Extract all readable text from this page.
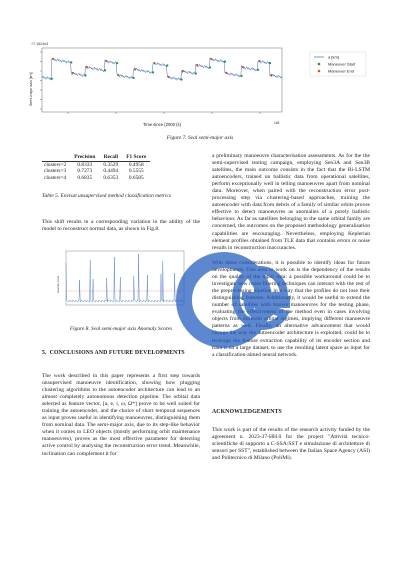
+7.1624e3
1e8
Time since (2000 (s)
Semi-major axis [km]
a [km]
Maneuver Start
Maneuver End
Figure 7. Sval semi-major axis
	Precision	Recall	F1 Score
clusters=2	0.8333	0.3529	0.4958
clusters=3	0.7273	0.4494	0.5555
clusters=4	0.6835	0.6353	0.6585
Table 5. Envisat unsupervised method classification metrics

This shift results in a corresponding variation in the ability of the model to reconstruct normal data, as shown in Fig.8.

Anomaly score
Figure 8. Sval semi-major axis Anomaly Scores
5. CONCLUSIONS AND FUTURE DEVELOPMENTS

The work described in this paper represents a first step towards unsupervised manoeuvre identification, showing how plugging clustering algorithms to the autoencoder architecture can lead to an almost completely autonomous detection pipeline. The orbital data selected as feature vector, [a, e, i, ω, Ω*] prove to be well suited for training the autoencoder, and the choice of short temporal sequences as input proves useful in identifying manoeuvres, distinguishing them from nominal data. The semi-major axis, due to its step-like behavior when it comes to LEO objects (mostly performing orbit maintenance manoeuvres), proves as the most effective parameter for detecting active control by analysing the reconstruction error trend. Meanwhile, inclination can complement it for

a preliminary manoeuvre characterisation assessments. As for the the semi-supervised testing campaign, employing Sen3A and Sen3B satellites, the main outcome consists in the fact that the Bi-LSTM autoencoders, trained on ballistic data from operational satellites, perform exceptionally well in telling manoeuvres apart from nominal data. Moreover, when paired with the reconstruction error post-processing step via clustering-based approaches, training the autoencoder with data from debris of a family of similar orbits proves effective to detect manoeuvres as anomalies of a purely ballistic behaviour. As far as satellites belonging to the same orbital family are concerned, the outcomes on the proposed methodology generalisation capabilities are encouraging. Nevertheless, employing Keplerian element profiles obtained from TLE data that contains errors or noise results in reconstruction inaccuracies.

With these considerations, it is possible to identify ideas for future developments. One area to work on is the dependency of the results on the quality of the input data: a possible workaround could be to investigate how noise filtering techniques can interact with the rest of the preprocessing pipeline in a way that the profiles do not lose their distinguishing features. Additionally, it would be useful to extend the number of satellites with known manoeuvres for the testing phase, evaluating the effectiveness of the method even in cases involving objects from different orbital regimes, implying different manoeuvre patterns as well. Finally, an alternative advancement that would change the way the autoencoder architecture is exploited, could be to leverage the feature extraction capability of its encoder section and train it on a large dataset, to use the resulting latent space as input for a classification-aimed neural network.

ACKNOWLEDGEMENTS

This work is part of the results of the research activity funded by the agreement n. 2023-37-HH.0 for the project "Attività tecnico-scientifiche di supporto a C-SSA/SST e simulazione di architetture di sensori per SST", established between the Italian Space Agency (ASI) and Politecnico di Milano (PoliMi).
